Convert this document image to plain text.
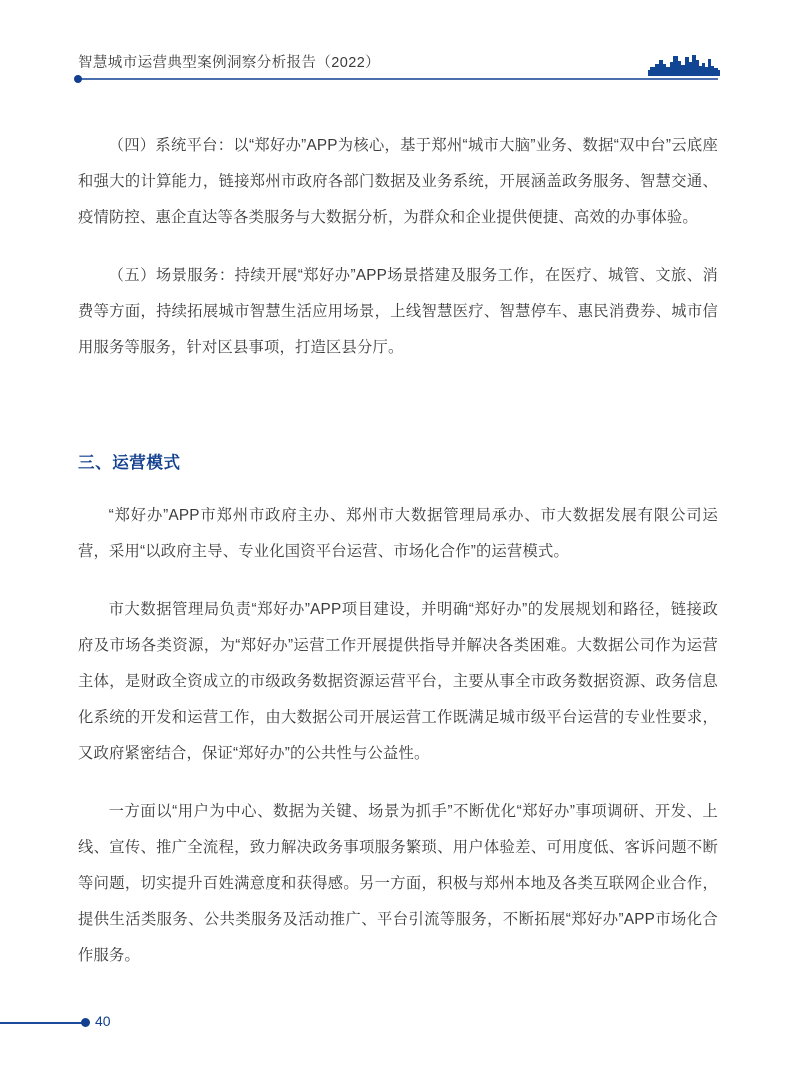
智慧城市运营典型案例洞察分析报告（2022）

（四）系统平台：以“郑好办”APP为核心，基于郑州“城市大脑”业务、数据“双中台”云底座和强大的计算能力，链接郑州市政府各部门数据及业务系统，开展涵盖政务服务、智慧交通、疫情防控、惠企直达等各类服务与大数据分析，为群众和企业提供便捷、高效的办事体验。

（五）场景服务：持续开展“郑好办”APP场景搭建及服务工作，在医疗、城管、文旅、消费等方面，持续拓展城市智慧生活应用场景，上线智慧医疗、智慧停车、惠民消费券、城市信用服务等服务，针对区县事项，打造区县分厅。

三、运营模式

“郑好办”APP市郑州市政府主办、郑州市大数据管理局承办、市大数据发展有限公司运营，采用“以政府主导、专业化国资平台运营、市场化合作”的运营模式。

市大数据管理局负责“郑好办”APP项目建设，并明确“郑好办”的发展规划和路径，链接政府及市场各类资源，为“郑好办”运营工作开展提供指导并解决各类困难。大数据公司作为运营主体，是财政全资成立的市级政务数据资源运营平台，主要从事全市政务数据资源、政务信息化系统的开发和运营工作，由大数据公司开展运营工作既满足城市级平台运营的专业性要求，又政府紧密结合，保证“郑好办”的公共性与公益性。

一方面以“用户为中心、数据为关键、场景为抓手”不断优化“郑好办”事项调研、开发、上线、宣传、推广全流程，致力解决政务事项服务繁琐、用户体验差、可用度低、客诉问题不断等问题，切实提升百姓满意度和获得感。另一方面，积极与郑州本地及各类互联网企业合作，提供生活类服务、公共类服务及活动推广、平台引流等服务，不断拓展“郑好办”APP市场化合作服务。

40
